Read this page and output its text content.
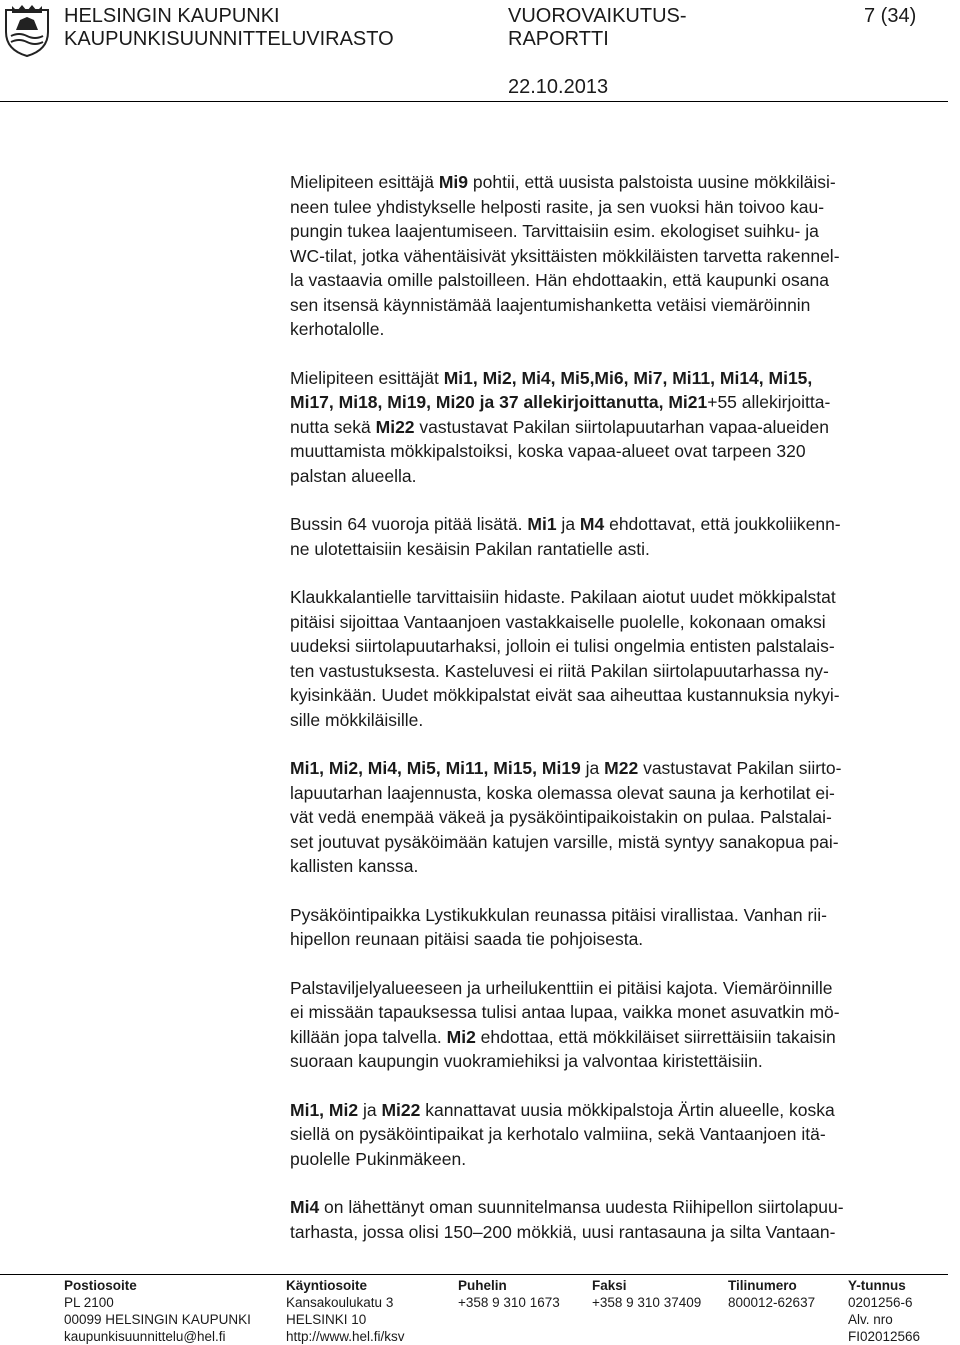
HELSINGIN KAUPUNKI
KAUPUNKISUUNNITTELUVIRASTO
VUOROVAIKUTUS-
RAPORTTI
7 (34)
22.10.2013

Mielipiteen esittäjä Mi9 pohtii, että uusista palstoista uusine mökkiläisi-
neen tulee yhdistykselle helposti rasite, ja sen vuoksi hän toivoo kau-
pungin tukea laajentumiseen. Tarvittaisiin esim. ekologiset suihku- ja
WC-tilat, jotka vähentäisivät yksittäisten mökkiläisten tarvetta rakennel-
la vastaavia omille palstoilleen. Hän ehdottaakin, että kaupunki osana
sen itsensä käynnistämää laajentumishanketta vetäisi viemäröinnin
kerhotalolle.

Mielipiteen esittäjät Mi1, Mi2, Mi4, Mi5,Mi6, Mi7, Mi11, Mi14, Mi15,
Mi17, Mi18, Mi19, Mi20 ja 37 allekirjoittanutta, Mi21+55 allekirjoitta-
nutta sekä Mi22 vastustavat Pakilan siirtolapuutarhan vapaa-alueiden
muuttamista mökkipalstoiksi, koska vapaa-alueet ovat tarpeen 320
palstan alueella.

Bussin 64 vuoroja pitää lisätä. Mi1 ja M4 ehdottavat, että joukkoliikenn-
ne ulotettaisiin kesäisin Pakilan rantatielle asti.

Klaukkalantielle tarvittaisiin hidaste. Pakilaan aiotut uudet mökkipalstat
pitäisi sijoittaa Vantaanjoen vastakkaiselle puolelle, kokonaan omaksi
uudeksi siirtolapuutarhaksi, jolloin ei tulisi ongelmia entisten palstalais-
ten vastustuksesta. Kasteluvesi ei riitä Pakilan siirtolapuutarhassa ny-
kyisinkään. Uudet mökkipalstat eivät saa aiheuttaa kustannuksia nykyi-
sille mökkiläisille.

Mi1, Mi2, Mi4, Mi5, Mi11, Mi15, Mi19 ja M22 vastustavat Pakilan siirto-
lapuutarhan laajennusta, koska olemassa olevat sauna ja kerhotilat ei-
vät vedä enempää väkeä ja pysäköintipaikoistakin on pulaa. Palstalai-
set joutuvat pysäköimään katujen varsille, mistä syntyy sanakopua pai-
kallisten kanssa.

Pysäköintipaikka Lystikukkulan reunassa pitäisi virallistaa. Vanhan rii-
hipellon reunaan pitäisi saada tie pohjoisesta.

Palstaviljelyalueeseen ja urheilukenttiin ei pitäisi kajota. Viemäröinnille
ei missään tapauksessa tulisi antaa lupaa, vaikka monet asuvatkin mö-
killään jopa talvella. Mi2 ehdottaa, että mökkiläiset siirrettäisiin takaisin
suoraan kaupungin vuokramiehiksi ja valvontaa kiristettäisiin.

Mi1, Mi2 ja Mi22 kannattavat uusia mökkipalstoja Ärtin alueelle, koska
siellä on pysäköintipaikat ja kerhotalo valmiina, sekä Vantaanjoen itä-
puolelle Pukinmäkeen.

Mi4 on lähettänyt oman suunnitelmansa uudesta Riihipellon siirtolapuu-
tarhasta, jossa olisi 150–200 mökkiä, uusi rantasauna ja silta Vantaan-

Postiosoite
PL 2100
00099 HELSINGIN KAUPUNKI
kaupunkisuunnittelu@hel.fi
Käyntiosoite
Kansakoulukatu 3
HELSINKI 10
http://www.hel.fi/ksv
Puhelin
+358 9 310 1673
Faksi
+358 9 310 37409
Tilinumero
800012-62637
Y-tunnus
0201256-6
Alv. nro
FI02012566
